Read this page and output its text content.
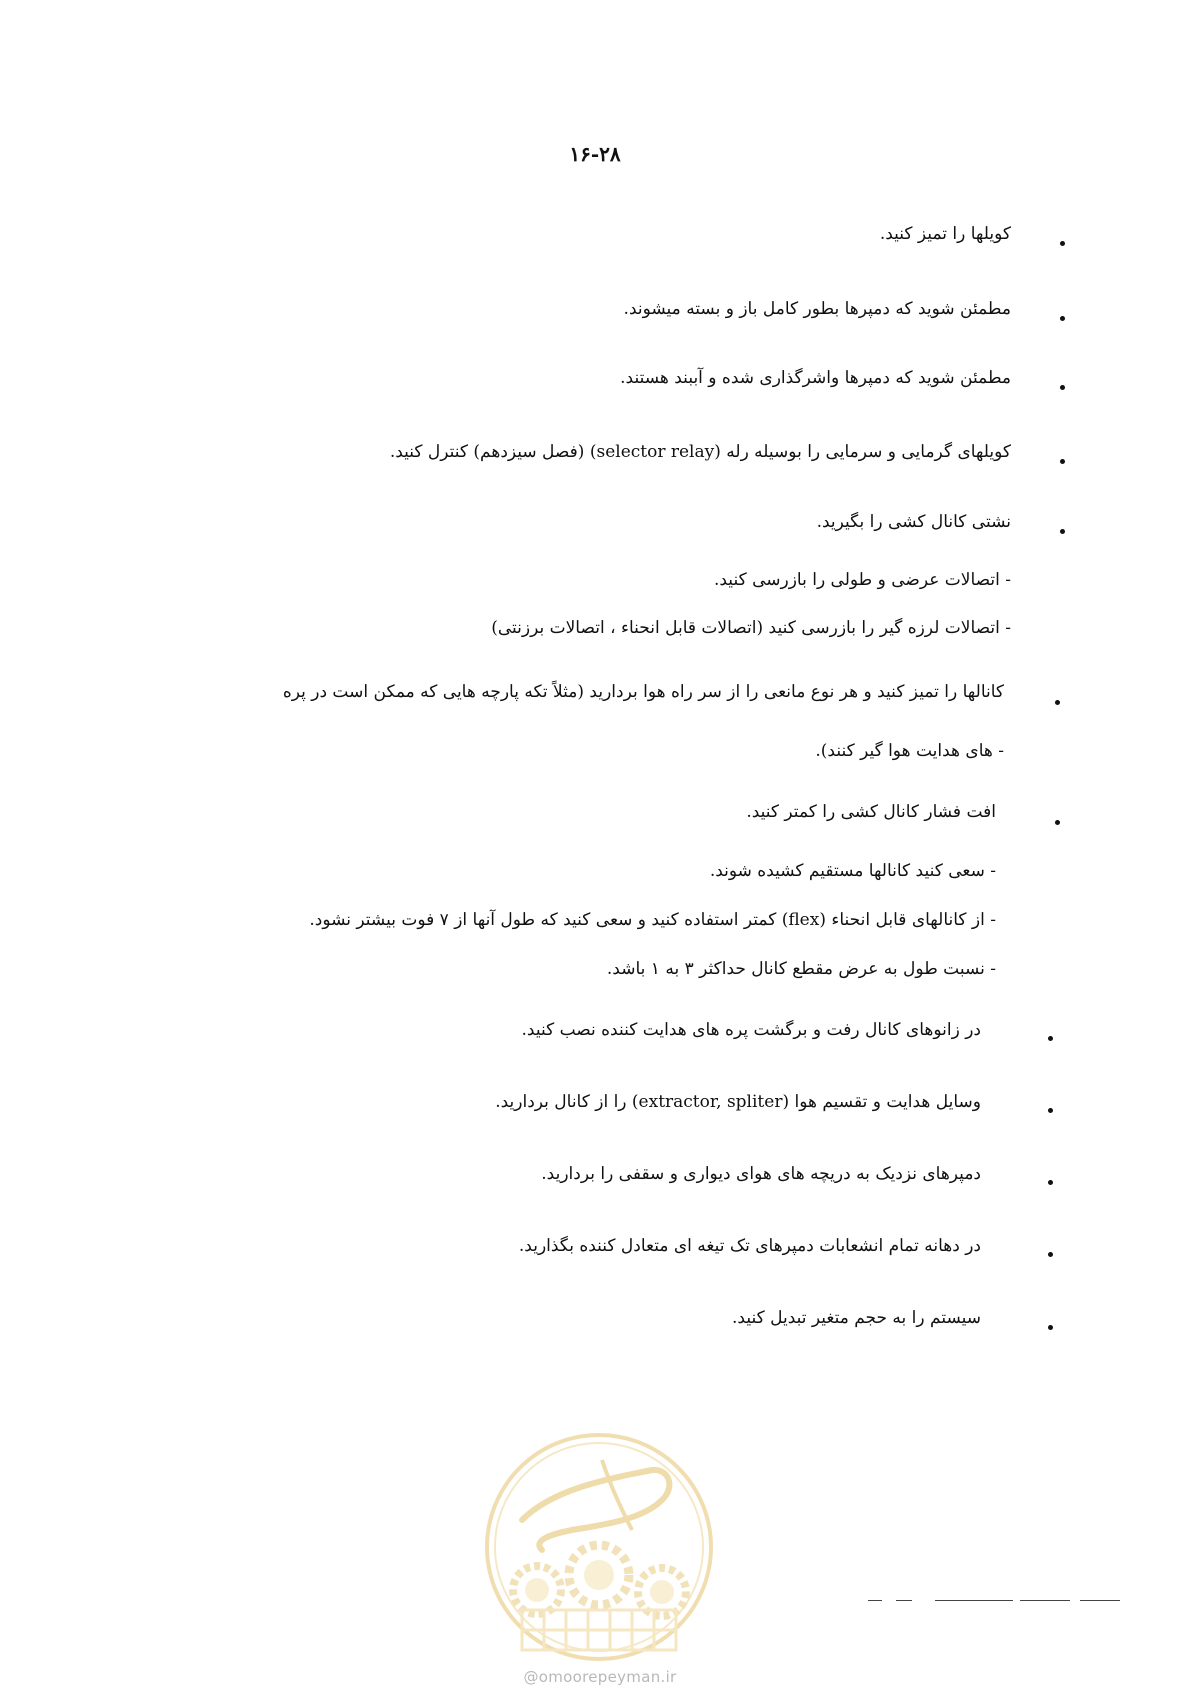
۱۶-۲۸
کویلها را تمیز کنید.
مطمئن شوید که دمپرها بطور کامل باز و بسته میشوند.
مطمئن شوید که دمپرها واشرگذاری شده و آببند هستند.
کویلهای گرمایی و سرمایی را بوسیله رله (selector relay) (فصل سیزدهم) کنترل کنید.
نشتی کانال کشی را بگیرید.
- اتصالات عرضی و طولی را بازرسی کنید.
- اتصالات لرزه گیر را بازرسی کنید (اتصالات قابل انحناء ، اتصالات برزنتی)
کانالها را تمیز کنید و هر نوع مانعی را از سر راه هوا بردارید (مثلاً تکه پارچه هایی که ممکن است در پره
- های هدایت هوا گیر کنند).
افت فشار کانال کشی را کمتر کنید.
- سعی کنید کانالها مستقیم کشیده شوند.
- از کانالهای قابل انحناء (flex) کمتر استفاده کنید و سعی کنید که طول آنها از ۷ فوت بیشتر نشود.
- نسبت طول به عرض مقطع کانال حداکثر ۳ به ۱ باشد.
در زانوهای کانال رفت و برگشت پره های هدایت کننده نصب کنید.
وسایل هدایت و تقسیم هوا (extractor, spliter) را از کانال بردارید.
دمپرهای نزدیک به دریچه های هوای دیواری و سقفی را بردارید.
در دهانه تمام انشعابات دمپرهای تک تیغه ای متعادل کننده بگذارید.
سیستم را به حجم متغیر تبدیل کنید.
@omoorepeyman.ir
